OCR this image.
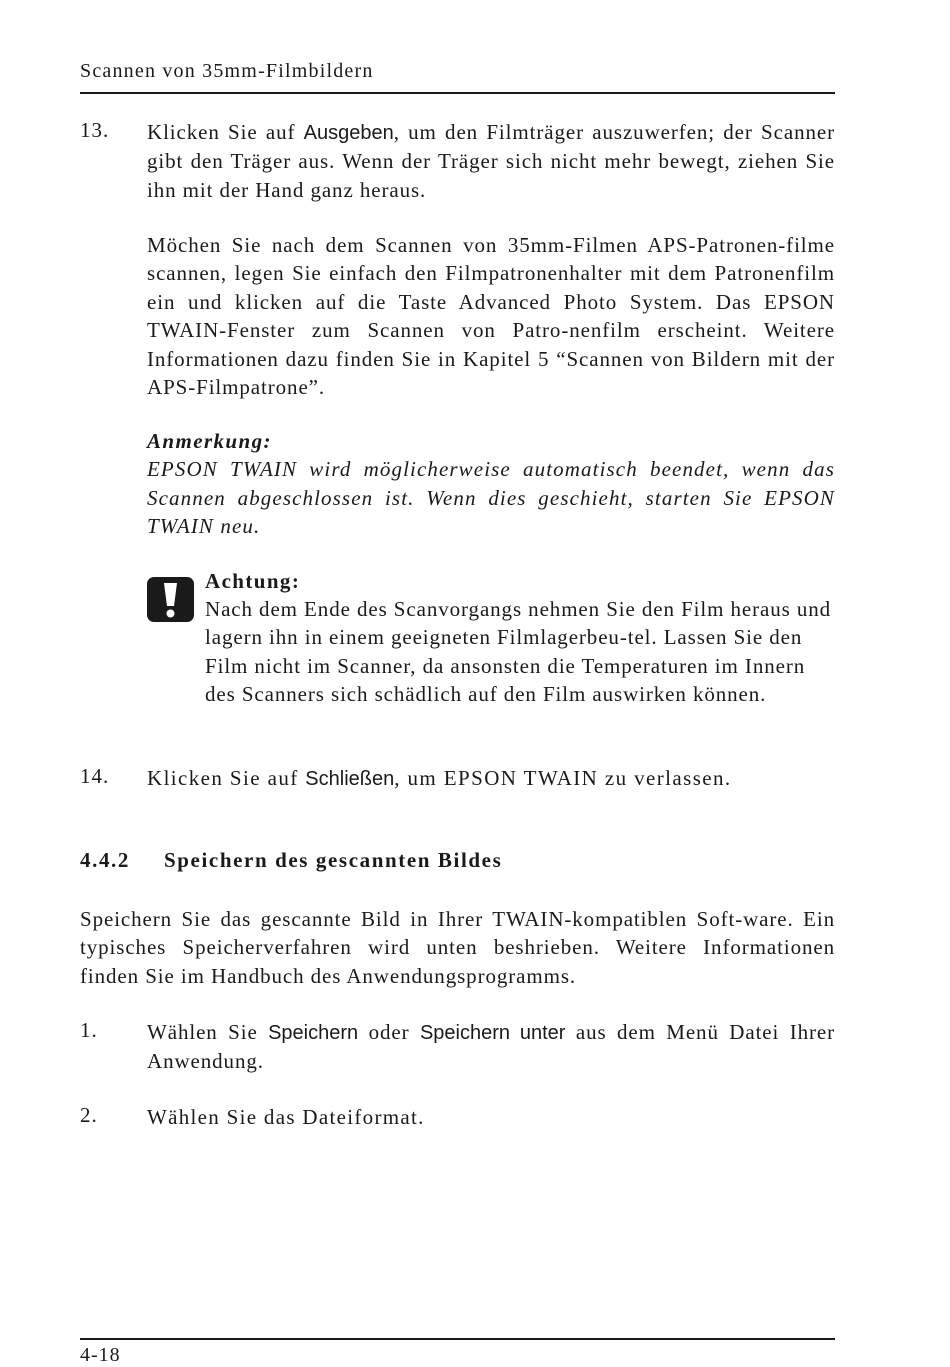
Scannen von 35mm-Filmbildern
13. Klicken Sie auf Ausgeben, um den Filmträger auszuwerfen; der Scanner gibt den Träger aus. Wenn der Träger sich nicht mehr bewegt, ziehen Sie ihn mit der Hand ganz heraus.
Möchen Sie nach dem Scannen von 35mm-Filmen APS-Patronen-filme scannen, legen Sie einfach den Filmpatronenhalter mit dem Patronenfilm ein und klicken auf die Taste Advanced Photo System. Das EPSON TWAIN-Fenster zum Scannen von Patro-nenfilm erscheint. Weitere Informationen dazu finden Sie in Kapitel 5 “Scannen von Bildern mit der APS-Filmpatrone”.
Anmerkung:
EPSON TWAIN wird möglicherweise automatisch beendet, wenn das Scannen abgeschlossen ist. Wenn dies geschieht, starten Sie EPSON TWAIN neu.
Achtung:
Nach dem Ende des Scanvorgangs nehmen Sie den Film heraus und lagern ihn in einem geeigneten Filmlagerbeu-tel. Lassen Sie den Film nicht im Scanner, da ansonsten die Temperaturen im Innern des Scanners sich schädlich auf den Film auswirken können.
14. Klicken Sie auf Schließen, um EPSON TWAIN zu verlassen.
4.4.2 Speichern des gescannten Bildes
Speichern Sie das gescannte Bild in Ihrer TWAIN-kompatiblen Soft-ware. Ein typisches Speicherverfahren wird unten beshrieben. Weitere Informationen finden Sie im Handbuch des Anwendungsprogramms.
1. Wählen Sie Speichern oder Speichern unter aus dem Menü Datei Ihrer Anwendung.
2. Wählen Sie das Dateiformat.
4-18
